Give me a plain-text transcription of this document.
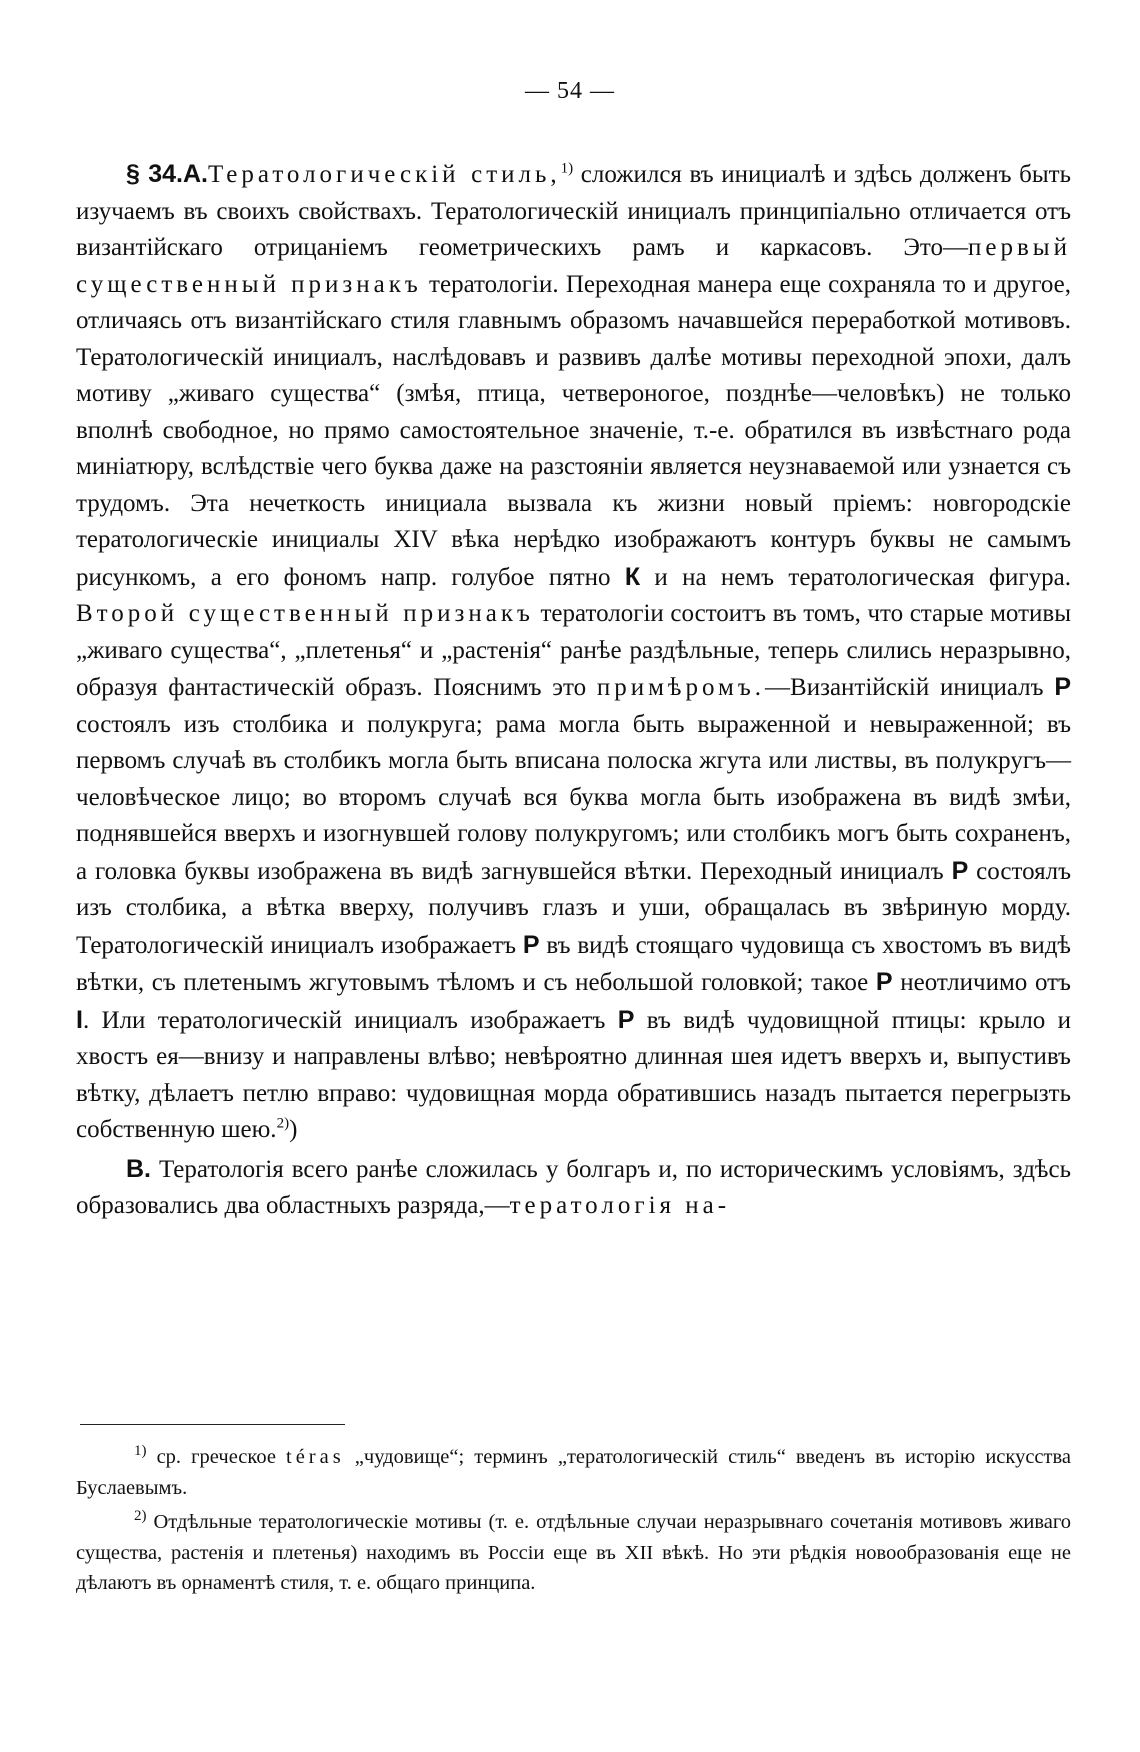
— 54 —

§ 34.А.Тератологическій стиль,$^{1)}$ сложился въ инициалѣ и здѣсь долженъ быть изучаемъ въ своихъ свойствахъ. Тератологическій инициалъ принципіально отличается отъ византійскаго отрицаніемъ геометрическихъ рамъ и каркасовъ. Это—первый существенный признакъ тератологіи. Переходная манера еще сохраняла то и другое, отличаясь отъ византійскаго стиля главнымъ образомъ начавшейся переработкой мотивовъ. Тератологическій инициалъ, наслѣдовавъ и развивъ далѣе мотивы переходной эпохи, далъ мотиву „живаго существа“ (змѣя, птица, четвероногое, позднѣе—человѣкъ) не только вполнѣ свободное, но прямо самостоятельное значеніе, т.-е. обратился въ извѣстнаго рода миніатюру, вслѣдствіе чего буква даже на разстояніи является неузнаваемой или узнается съ трудомъ. Эта нечеткость инициала вызвала къ жизни новый пріемъ: новгородскіе тератологическіе инициалы XIV вѣка нерѣдко изображаютъ контуръ буквы не самымъ рисункомъ, а его фономъ напр. голубое пятно К и на немъ тератологическая фигура. Второй существенный признакъ тератологіи состоитъ въ томъ, что старые мотивы „живаго существа“, „плетенья“ и „растенія“ ранѣе раздѣльные, теперь слились неразрывно, образуя фантастическій образъ. Пояснимъ это примѣромъ.—Византійскій инициалъ Р состоялъ изъ столбика и полукруга; рама могла быть выраженной и невыраженной; въ первомъ случаѣ въ столбикъ могла быть вписана полоска жгута или листвы, въ полукругъ—человѣческое лицо; во второмъ случаѣ вся буква могла быть изображена въ видѣ змѣи, поднявшейся вверхъ и изогнувшей голову полукругомъ; или столбикъ могъ быть сохраненъ, а головка буквы изображена въ видѣ загнувшейся вѣтки. Переходный инициалъ Р состоялъ изъ столбика, а вѣтка вверху, получивъ глазъ и уши, обращалась въ звѣриную морду. Тератологическій инициалъ изображаетъ Р въ видѣ стоящаго чудовища съ хвостомъ въ видѣ вѣтки, съ плетенымъ жгутовымъ тѣломъ и съ небольшой головкой; такое Р неотличимо отъ I. Или тератологическій инициалъ изображаетъ Р въ видѣ чудовищной птицы: крыло и хвостъ ея—внизу и направлены влѣво; невѣроятно длинная шея идетъ вверхъ и, выпустивъ вѣтку, дѣлаетъ петлю вправо: чудовищная морда обратившись назадъ пытается перегрызть собственную шею.$^{2)}$)

В. Тератологія всего ранѣе сложилась у болгаръ и, по историческимъ условіямъ, здѣсь образовались два областныхъ разряда,—тератологія на-

$^{1)}$ ср. греческое téras „чудовище“; терминъ „тератологическій стиль“ введенъ въ исторію искусства Буслаевымъ.

$^{2)}$ Отдѣльные тератологическіе мотивы (т. е. отдѣльные случаи неразрывнаго сочетанія мотивовъ живаго существа, растенія и плетенья) находимъ въ Россіи еще въ XII вѣкѣ. Но эти рѣдкія новообразованія еще не дѣлаютъ въ орнаментѣ стиля, т. е. общаго принципа.
